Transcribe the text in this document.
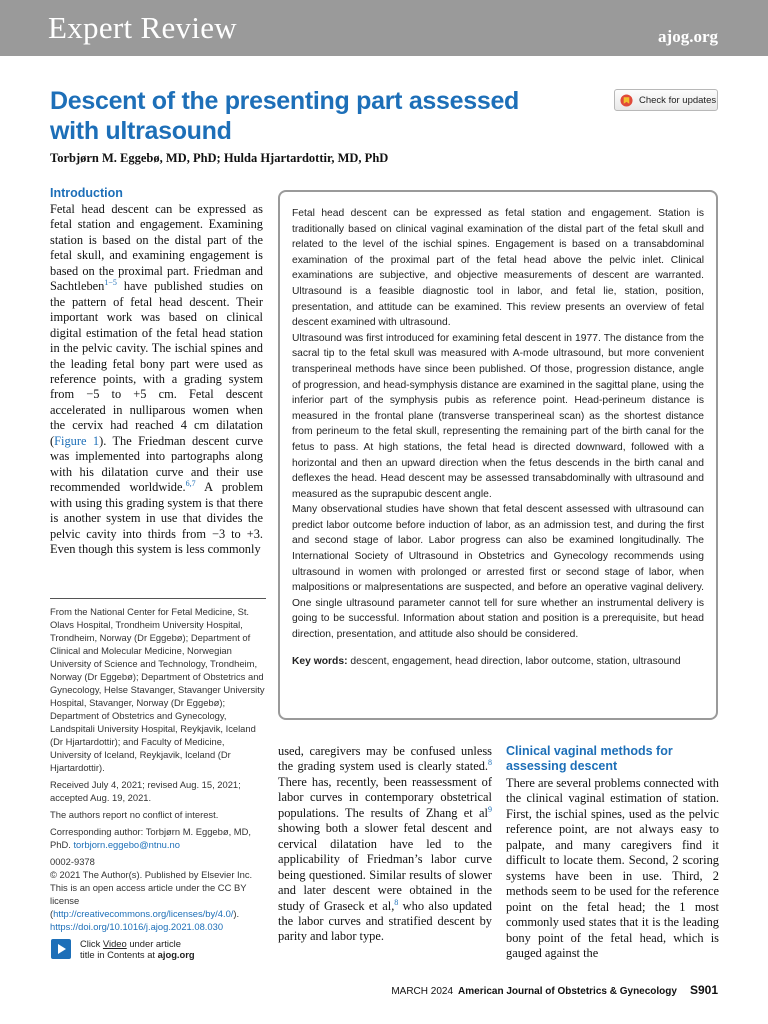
Expert Review	ajog.org
Descent of the presenting part assessed with ultrasound
Check for updates
Torbjørn M. Eggebø, MD, PhD; Hulda Hjartardottir, MD, PhD
Introduction
Fetal head descent can be expressed as fetal station and engagement. Examining station is based on the distal part of the fetal skull, and examining engagement is based on the proximal part. Friedman and Sachtleben$^{1-5}$ have published studies on the pattern of fetal head descent. Their important work was based on clinical digital estimation of the fetal head station in the pelvic cavity. The ischial spines and the leading fetal bony part were used as reference points, with a grading system from −5 to +5 cm. Fetal descent accelerated in nulliparous women when the cervix had reached 4 cm dilatation (Figure 1). The Friedman descent curve was implemented into partographs along with his dilatation curve and their use recommended worldwide.$^{6,7}$ A problem with using this grading system is that there is another system in use that divides the pelvic cavity into thirds from −3 to +3. Even though this system is less commonly

Fetal head descent can be expressed as fetal station and engagement. Station is traditionally based on clinical vaginal examination of the distal part of the fetal skull and related to the level of the ischial spines. Engagement is based on a transabdominal examination of the proximal part of the fetal head above the pelvic inlet. Clinical examinations are subjective, and objective measurements of descent are warranted. Ultrasound is a feasible diagnostic tool in labor, and fetal lie, station, position, presentation, and attitude can be examined. This review presents an overview of fetal descent examined with ultrasound.

Ultrasound was first introduced for examining fetal descent in 1977. The distance from the sacral tip to the fetal skull was measured with A-mode ultrasound, but more convenient transperineal methods have since been published. Of those, progression distance, angle of progression, and head-symphysis distance are examined in the sagittal plane, using the inferior part of the symphysis pubis as reference point. Head-perineum distance is measured in the frontal plane (transverse transperineal scan) as the shortest distance from perineum to the fetal skull, representing the remaining part of the birth canal for the fetus to pass. At high stations, the fetal head is directed downward, followed with a horizontal and then an upward direction when the fetus descends in the birth canal and deflexes the head. Head descent may be assessed transabdominally with ultrasound and measured as the suprapubic descent angle.

Many observational studies have shown that fetal descent assessed with ultrasound can predict labor outcome before induction of labor, as an admission test, and during the first and second stage of labor. Labor progress can also be examined longitudinally. The International Society of Ultrasound in Obstetrics and Gynecology recommends using ultrasound in women with prolonged or arrested first or second stage of labor, when malpositions or malpresentations are suspected, and before an operative vaginal delivery. One single ultrasound parameter cannot tell for sure whether an instrumental delivery is going to be successful. Information about station and position is a prerequisite, but head direction, presentation, and attitude also should be considered.

Key words: descent, engagement, head direction, labor outcome, station, ultrasound

From the National Center for Fetal Medicine, St. Olavs Hospital, Trondheim University Hospital, Trondheim, Norway (Dr Eggebø); Department of Clinical and Molecular Medicine, Norwegian University of Science and Technology, Trondheim, Norway (Dr Eggebø); Department of Obstetrics and Gynecology, Helse Stavanger, Stavanger University Hospital, Stavanger, Norway (Dr Eggebø); Department of Obstetrics and Gynecology, Landspitali University Hospital, Reykjavik, Iceland (Dr Hjartardottir); and Faculty of Medicine, University of Iceland, Reykjavik, Iceland (Dr Hjartardottir).

Received July 4, 2021; revised Aug. 15, 2021; accepted Aug. 19, 2021.

The authors report no conflict of interest.

Corresponding author: Torbjørn M. Eggebø, MD, PhD. torbjorn.eggebo@ntnu.no

0002-9378
© 2021 The Author(s). Published by Elsevier Inc. This is an open access article under the CC BY license (http://creativecommons.org/licenses/by/4.0/).
https://doi.org/10.1016/j.ajog.2021.08.030

Click Video under article
title in Contents at ajog.org
used, caregivers may be confused unless the grading system used is clearly stated.$^8$ There has, recently, been reassessment of labor curves in contemporary obstetrical populations. The results of Zhang et $al^9$ showing both a slower fetal descent and cervical dilatation have led to the applicability of Friedman’s labor curve being questioned. Similar results of slower and later descent were obtained in the study of Graseck et al,$^8$ who also updated the labor curves and stratified descent by parity and labor type.
Clinical vaginal methods for assessing descent
There are several problems connected with the clinical vaginal estimation of station. First, the ischial spines, used as the pelvic reference point, are not always easy to palpate, and many caregivers find it difficult to locate them. Second, 2 scoring systems have been in use. Third, 2 methods seem to be used for the reference point on the fetal head; the 1 most commonly used states that it is the leading bony point of the fetal head, which is gauged against the
MARCH 2024 American Journal of Obstetrics & Gynecology S901
